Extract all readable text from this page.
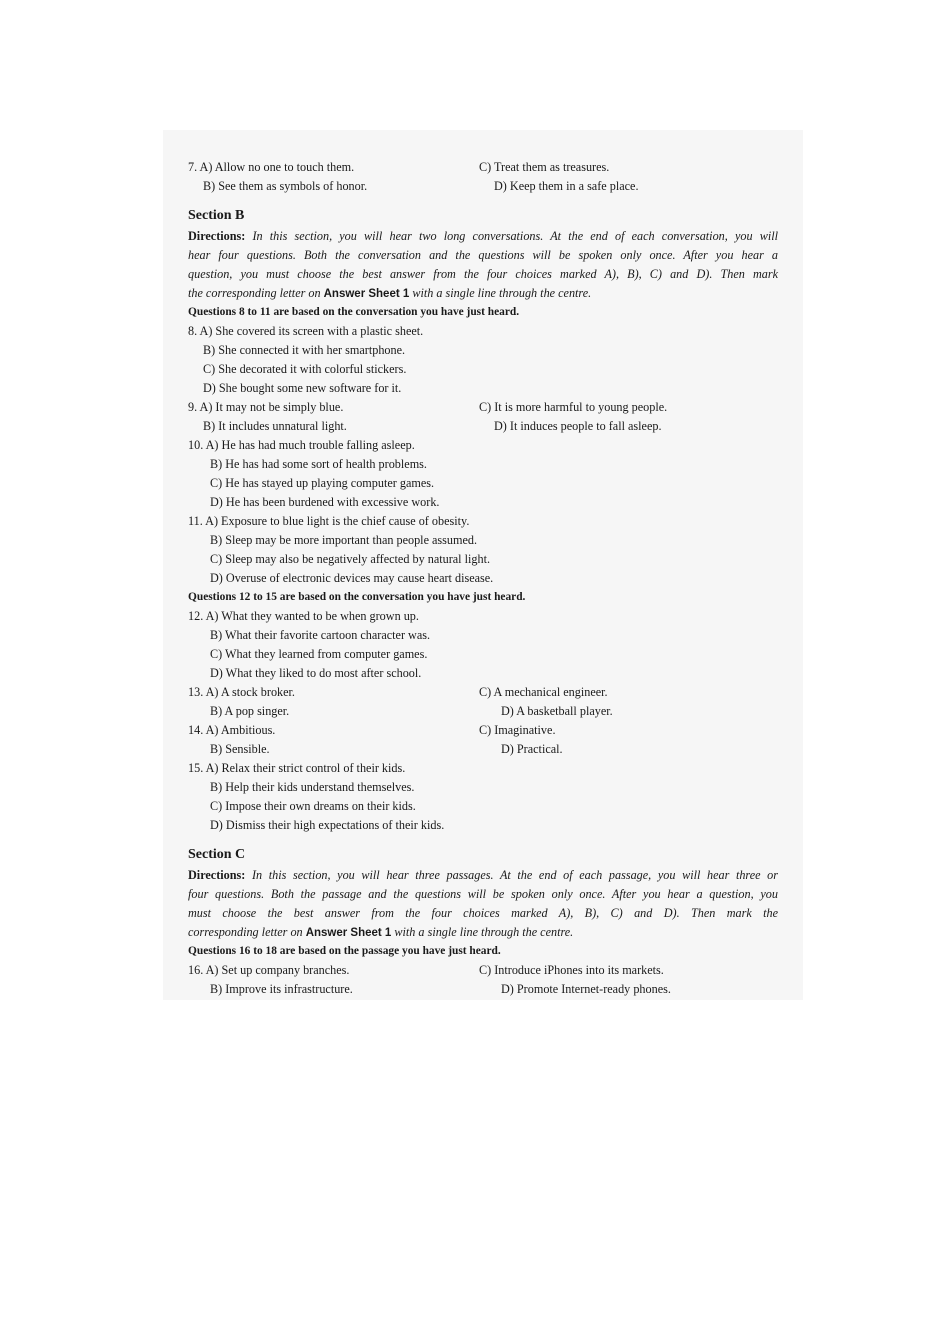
7. A) Allow no one to touch them.	C) Treat them as treasures.
B) See them as symbols of honor.	D) Keep them in a safe place.
Section B
Directions: In this section, you will hear two long conversations. At the end of each conversation, you will
hear four questions. Both the conversation and the questions will be spoken only once. After you hear a
question, you must choose the best answer from the four choices marked A), B), C) and D). Then mark
the corresponding letter on Answer Sheet 1 with a single line through the centre.
Questions 8 to 11 are based on the conversation you have just heard.
8. A) She covered its screen with a plastic sheet.
B) She connected it with her smartphone.
C) She decorated it with colorful stickers.
D) She bought some new software for it.
9. A) It may not be simply blue.	C) It is more harmful to young people.
B) It includes unnatural light.	D) It induces people to fall asleep.
10. A) He has had much trouble falling asleep.
B) He has had some sort of health problems.
C) He has stayed up playing computer games.
D) He has been burdened with excessive work.
11. A) Exposure to blue light is the chief cause of obesity.
B) Sleep may be more important than people assumed.
C) Sleep may also be negatively affected by natural light.
D) Overuse of electronic devices may cause heart disease.
Questions 12 to 15 are based on the conversation you have just heard.
12. A) What they wanted to be when grown up.
B) What their favorite cartoon character was.
C) What they learned from computer games.
D) What they liked to do most after school.
13. A) A stock broker.	C) A mechanical engineer.
B) A pop singer.	D) A basketball player.
14. A) Ambitious.	C) Imaginative.
B) Sensible.	D) Practical.
15. A) Relax their strict control of their kids.
B) Help their kids understand themselves.
C) Impose their own dreams on their kids.
D) Dismiss their high expectations of their kids.
Section C
Directions: In this section, you will hear three passages. At the end of each passage, you will hear three or
four questions. Both the passage and the questions will be spoken only once. After you hear a question, you
must choose the best answer from the four choices marked A), B), C) and D). Then mark the
corresponding letter on Answer Sheet 1 with a single line through the centre.
Questions 16 to 18 are based on the passage you have just heard.
16. A) Set up company branches.	C) Introduce iPhones into its markets.
B) Improve its infrastructure.	D) Promote Internet-ready phones.
